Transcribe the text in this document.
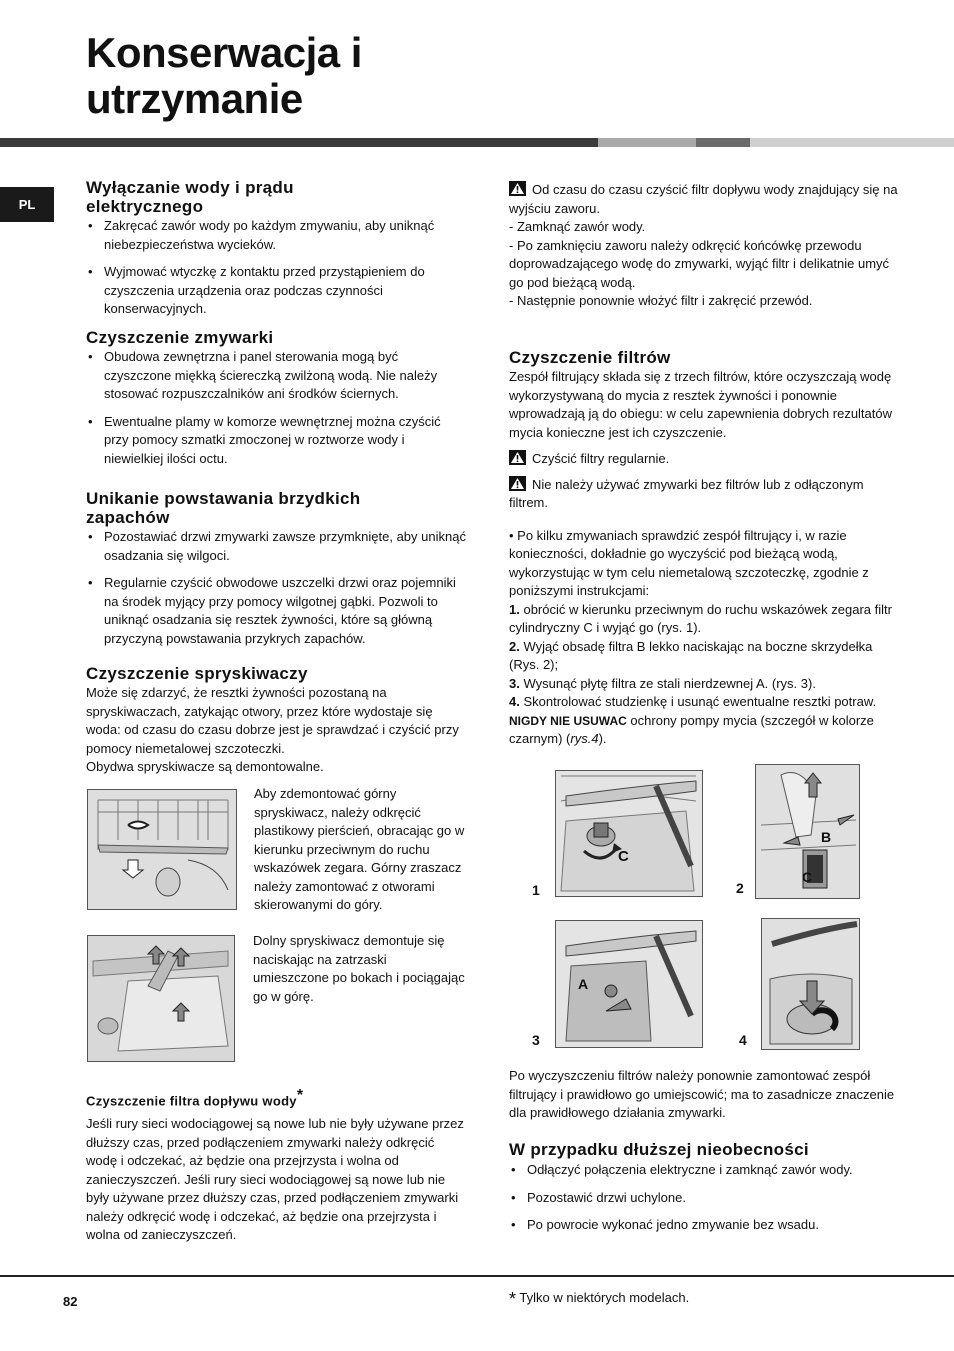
Konserwacja i
utrzymanie
PL
Wyłączanie wody i prądu
elektrycznego
• Zakręcać zawór wody po każdym zmywaniu, aby uniknąć niebezpieczeństwa wycieków.
• Wyjmować wtyczkę z kontaktu przed przystąpieniem do czyszczenia urządzenia oraz podczas czynności konserwacyjnych.
Czyszczenie zmywarki
• Obudowa zewnętrzna i panel sterowania mogą być czyszczone miękką ściereczką zwilżoną wodą. Nie należy stosować rozpuszczalników ani środków ściernych.
• Ewentualne plamy w komorze wewnętrznej można czyścić przy pomocy szmatki zmoczonej w roztworze wody i niewielkiej ilości octu.
Unikanie powstawania brzydkich
zapachów
• Pozostawiać drzwi zmywarki zawsze przymknięte, aby uniknąć osadzania się wilgoci.
• Regularnie czyścić obwodowe uszczelki drzwi oraz pojemniki na środek myjący przy pomocy wilgotnej gąbki. Pozwoli to uniknąć osadzania się resztek żywności, które są główną przyczyną powstawania przykrych zapachów.
Czyszczenie spryskiwaczy

Może się zdarzyć, że resztki żywności pozostaną na spryskiwaczach, zatykając otwory, przez które wydostaje się woda: od czasu do czasu dobrze jest je sprawdzać i czyścić przy pomocy niemetalowej szczoteczki.

Obydwa spryskiwacze są demontowalne.

Aby zdemontować górny spryskiwacz, należy odkręcić plastikowy pierścień, obracając go w kierunku przeciwnym do ruchu wskazówek zegara. Górny zraszacz należy zamontować z otworami skierowanymi do góry.
Dolny spryskiwacz demontuje się naciskając na zatrzaski umieszczone po bokach i pociągając go w górę.
Czyszczenie filtra dopływu wody*

Jeśli rury sieci wodociągowej są nowe lub nie były używane przez dłuższy czas, przed podłączeniem zmywarki należy odkręcić wodę i odczekać, aż będzie ona przejrzysta i wolna od zanieczyszczeń. Jeśli rury sieci wodociągowej są nowe lub nie były używane przez dłuższy czas, przed podłączeniem zmywarki należy odkręcić wodę i odczekać, aż będzie ona przejrzysta i wolna od zanieczyszczeń.

Od czasu do czasu czyścić filtr dopływu wody znajdujący się na wyjściu zaworu.

- Zamknąć zawór wody.

- Po zamknięciu zaworu należy odkręcić końcówkę przewodu doprowadzającego wodę do zmywarki, wyjąć filtr i delikatnie umyć go pod bieżącą wodą.

- Następnie ponownie włożyć filtr i zakręcić przewód.

Czyszczenie filtrów

Zespół filtrujący składa się z trzech filtrów, które oczyszczają wodę wykorzystywaną do mycia z resztek żywności i ponownie wprowadzają ją do obiegu: w celu zapewnienia dobrych rezultatów mycia konieczne jest ich czyszczenie.

Czyścić filtry regularnie.

Nie należy używać zmywarki bez filtrów lub z odłączonym filtrem.

• Po kilku zmywaniach sprawdzić zespół filtrujący i, w razie konieczności, dokładnie go wyczyścić pod bieżącą wodą, wykorzystując w tym celu niemetalową szczoteczkę, zgodnie z poniższymi instrukcjami:

1. obrócić w kierunku przeciwnym do ruchu wskazówek zegara filtr cylindryczny C i wyjąć go (rys. 1).

2. Wyjąć obsadę filtra B lekko naciskając na boczne skrzydełka (Rys. 2);

3. Wysunąć płytę filtra ze stali nierdzewnej A. (rys. 3).

4. Skontrolować studzienkę i usunąć ewentualne resztki potraw.

NIGDY NIE USUWAC ochrony pompy mycia (szczegół w kolorze czarnym) (rys.4).

C
B
C
A
1	2
3	4
Po wyczyszczeniu filtrów należy ponownie zamontować zespół filtrujący i prawidłowo go umiejscowić; ma to zasadnicze znaczenie dla prawidłowego działania zmywarki.
W przypadku dłuższej nieobecności
• Odłączyć połączenia elektryczne i zamknąć zawór wody.
• Pozostawić drzwi uchylone.
• Po powrocie wykonać jedno zmywanie bez wsadu.
82	* Tylko w niektórych modelach.
